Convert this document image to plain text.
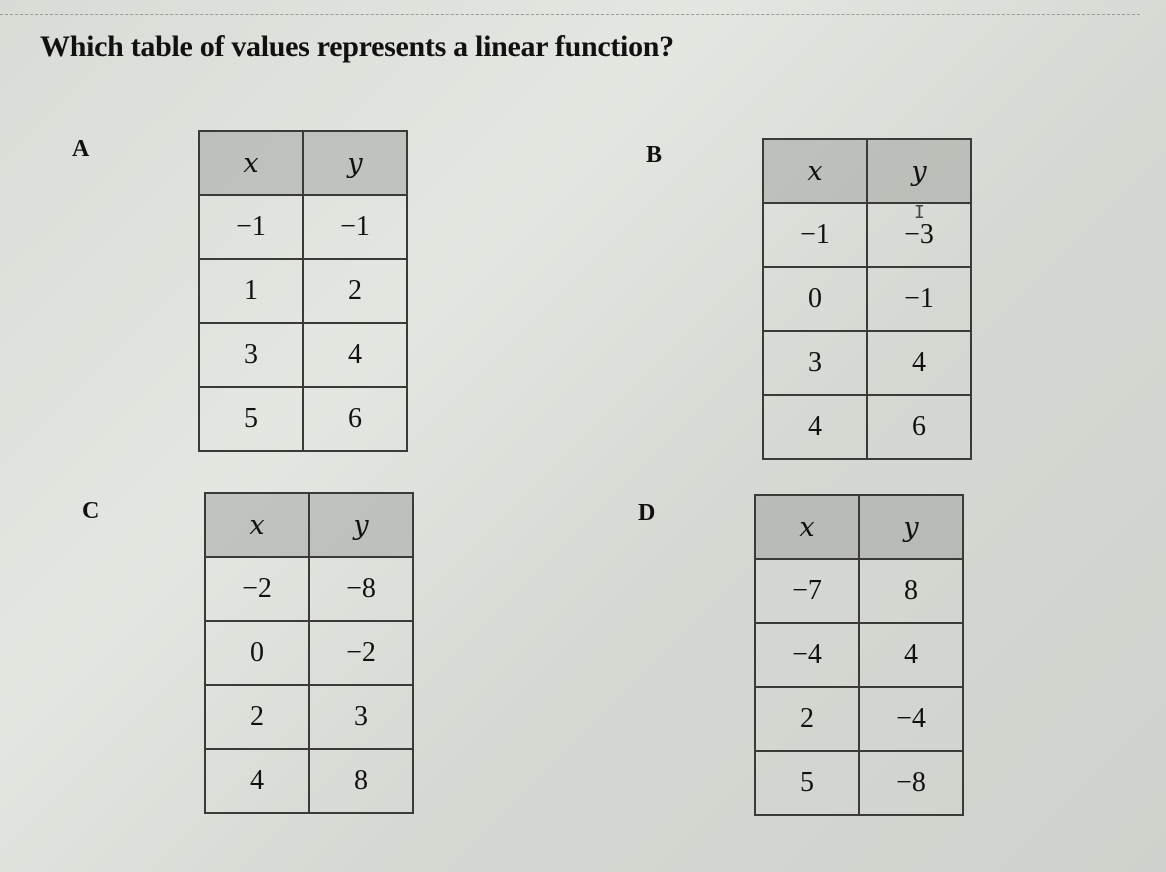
Which table of values represents a linear function?
A	x	y
−1	−1
1	2
3	4
5	6
B
x	y
−1	−3
0	−1
3	4
4	6
I
C	x	y
−2	−8
0	−2
2	3
4	8
D	x	y
−7	8
−4	4
2	−4
5	−8
